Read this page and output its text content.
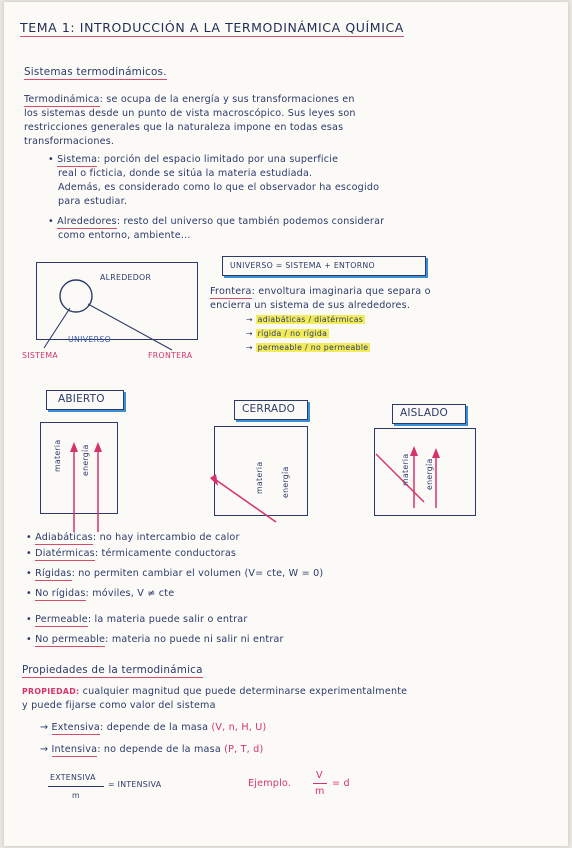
TEMA 1: INTRODUCCIÓN A LA TERMODINÁMICA QUÍMICA
Sistemas termodinámicos.
Termodinámica: se ocupa de la energía y sus transformaciones en
los sistemas desde un punto de vista macroscópico. Sus leyes son
restricciones generales que la naturaleza impone en todas esas
transformaciones.
• Sistema: porción del espacio limitado por una superficie
real o ficticia, donde se sitúa la materia estudiada.
Además, es considerado como lo que el observador ha escogido
para estudiar.
• Alrededores: resto del universo que también podemos considerar
como entorno, ambiente...
ALREDEDOR
UNIVERSO
SISTEMA	FRONTERA
UNIVERSO = SISTEMA + ENTORNO
Frontera: envoltura imaginaria que separa o
encierra un sistema de sus alrededores.
→ adiabáticas / diatérmicas
→ rígida / no rígida
→ permeable / no permeable
ABIERTO
CERRADO	AISLADO
materia energía
materia energía	materia energía
• Adiabáticas: no hay intercambio de calor
• Diatérmicas: térmicamente conductoras
• Rígidas: no permiten cambiar el volumen (V= cte, W = 0)
• No rígidas: móviles, V ≠ cte
• Permeable: la materia puede salir o entrar
• No permeable: materia no puede ni salir ni entrar
Propiedades de la termodinámica
PROPIEDAD: cualquier magnitud que puede determinarse experimentalmente
y puede fijarse como valor del sistema
→ Extensiva: depende de la masa (V, n, H, U)
→ Intensiva: no depende de la masa (P, T, d)
EXTENSIVA
m
= INTENSIVA	Ejemplo.
V
m
= d
